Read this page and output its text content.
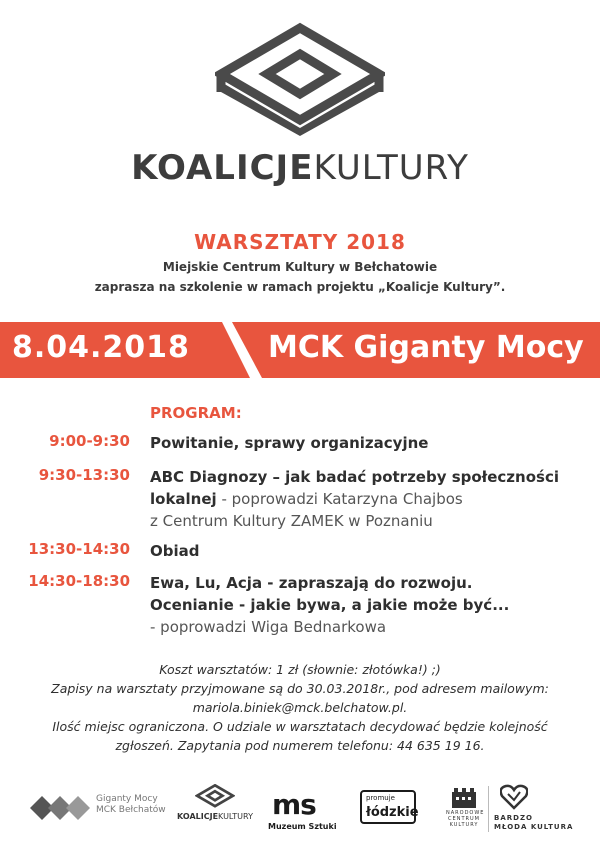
KOALICJEKULTURY
WARSZTATY 2018
Miejskie Centrum Kultury w Bełchatowie
zaprasza na szkolenie w ramach projektu „Koalicje Kultury”.
8.04.2018	MCK Giganty Mocy
PROGRAM:
9:00-9:30 Powitanie, sprawy organizacyjne
9:30-13:30 ABC Diagnozy – jak badać potrzeby społeczności
lokalnej - poprowadzi Katarzyna Chajbos
z Centrum Kultury ZAMEK w Poznaniu
13:30-14:30 Obiad
14:30-18:30 Ewa, Lu, Acja - zapraszają do rozwoju.
Ocenianie - jakie bywa, a jakie może być...
- poprowadzi Wiga Bednarkowa
Koszt warsztatów: 1 zł (słownie: złotówka!) ;)
Zapisy na warsztaty przyjmowane są do 30.03.2018r., pod adresem mailowym:
mariola.biniek@mck.belchatow.pl.
Ilość miejsc ograniczona. O udziale w warsztatach decydować będzie kolejność
zgłoszeń. Zapytania pod numerem telefonu: 44 635 19 16.
Giganty Mocy
MCK Bełchatów
KOALICJEKULTURY ms
Muzeum Sztuki
promuje
łódzkie	NARODOWE CENTRUM KULTURY
BARDZO
MŁODA KULTURA
